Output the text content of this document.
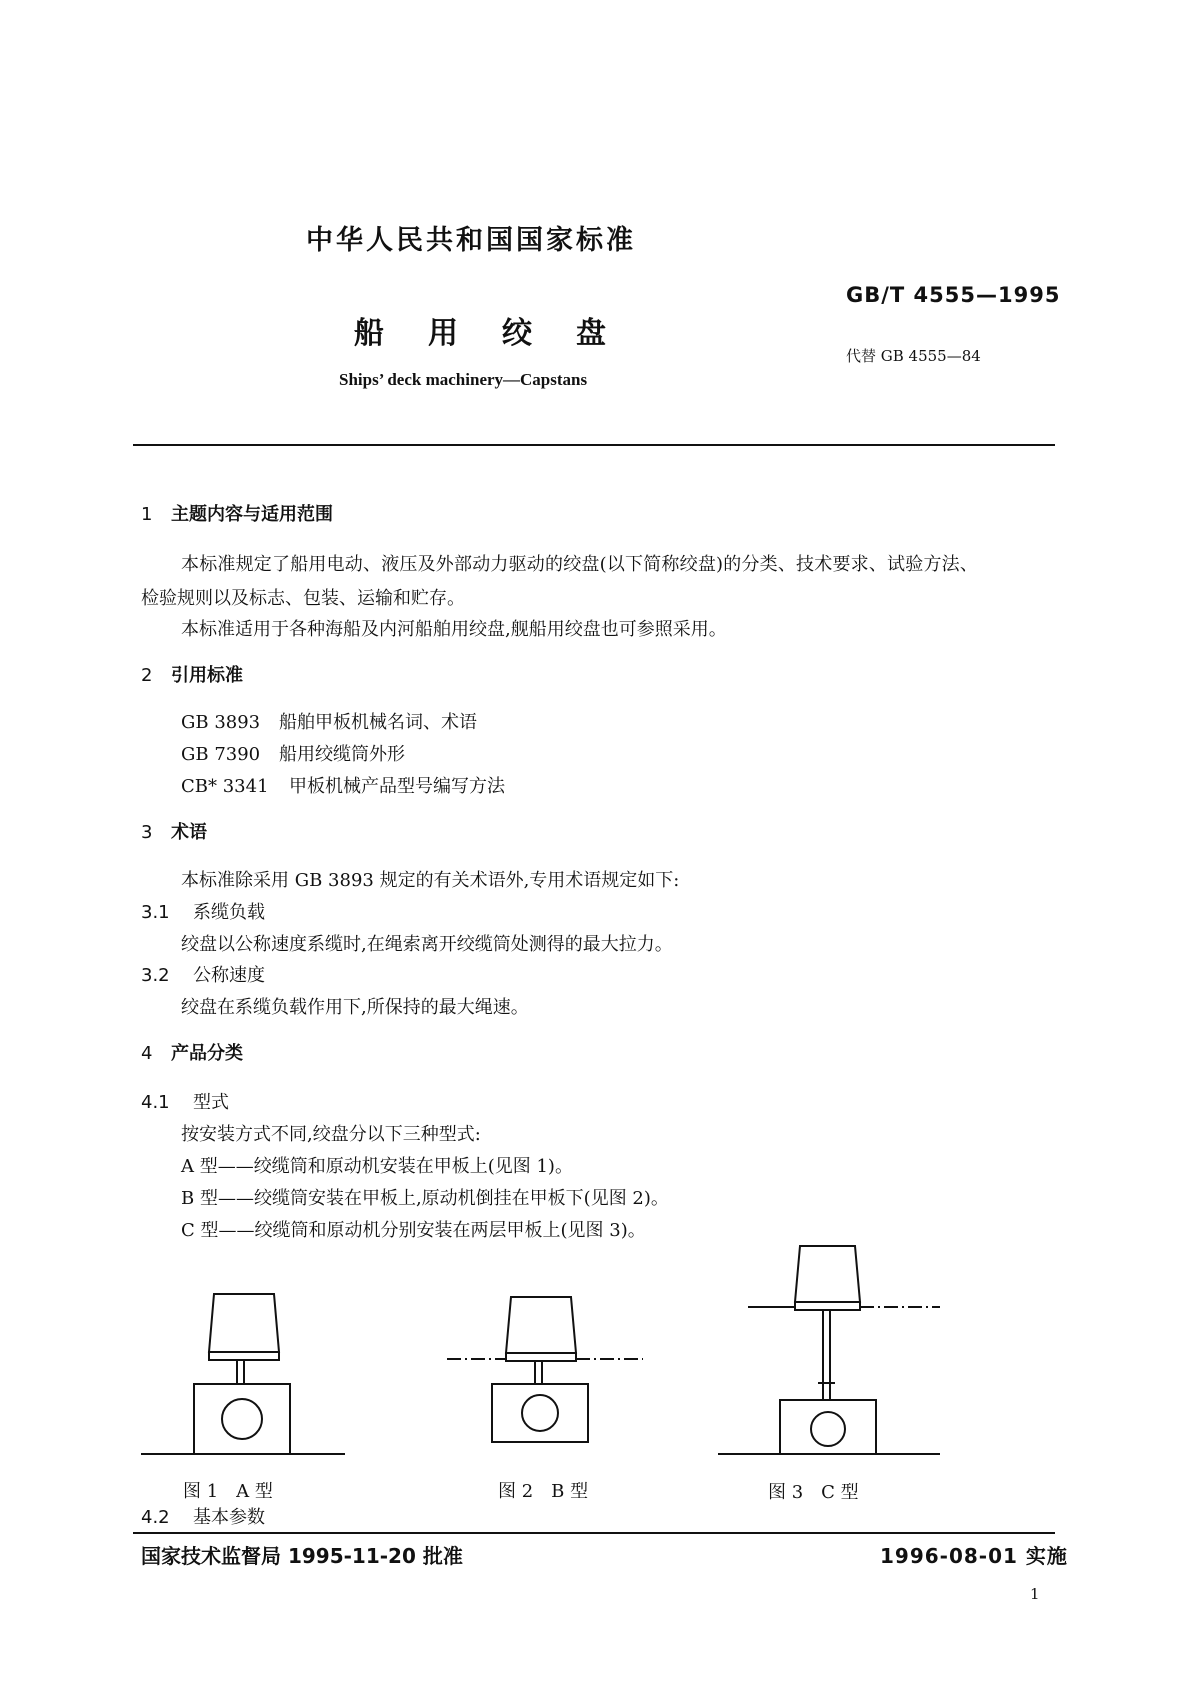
中华人民共和国国家标准
GB/T 4555—1995
船 用 绞 盘
代替 GB 4555—84
Ships’ deck machinery—Capstans
1 主题内容与适用范围
本标准规定了船用电动、液压及外部动力驱动的绞盘(以下简称绞盘)的分类、技术要求、试验方法、
检验规则以及标志、包装、运输和贮存。
本标准适用于各种海船及内河船舶用绞盘,舰船用绞盘也可参照采用。
2 引用标准
GB 3893 船舶甲板机械名词、术语
GB 7390 船用绞缆筒外形
CB* 3341 甲板机械产品型号编写方法
3 术语
本标准除采用 GB 3893 规定的有关术语外,专用术语规定如下:
3.1 系缆负载
绞盘以公称速度系缆时,在绳索离开绞缆筒处测得的最大拉力。
3.2 公称速度
绞盘在系缆负载作用下,所保持的最大绳速。
4 产品分类
4.1 型式
按安装方式不同,绞盘分以下三种型式:
A 型——绞缆筒和原动机安装在甲板上(见图 1)。
B 型——绞缆筒安装在甲板上,原动机倒挂在甲板下(见图 2)。
C 型——绞缆筒和原动机分别安装在两层甲板上(见图 3)。
图 1　A 型	图 2　B 型	图 3　C 型
4.2 基本参数
国家技术监督局 1995-11-20 批准	1996-08-01 实施
1
